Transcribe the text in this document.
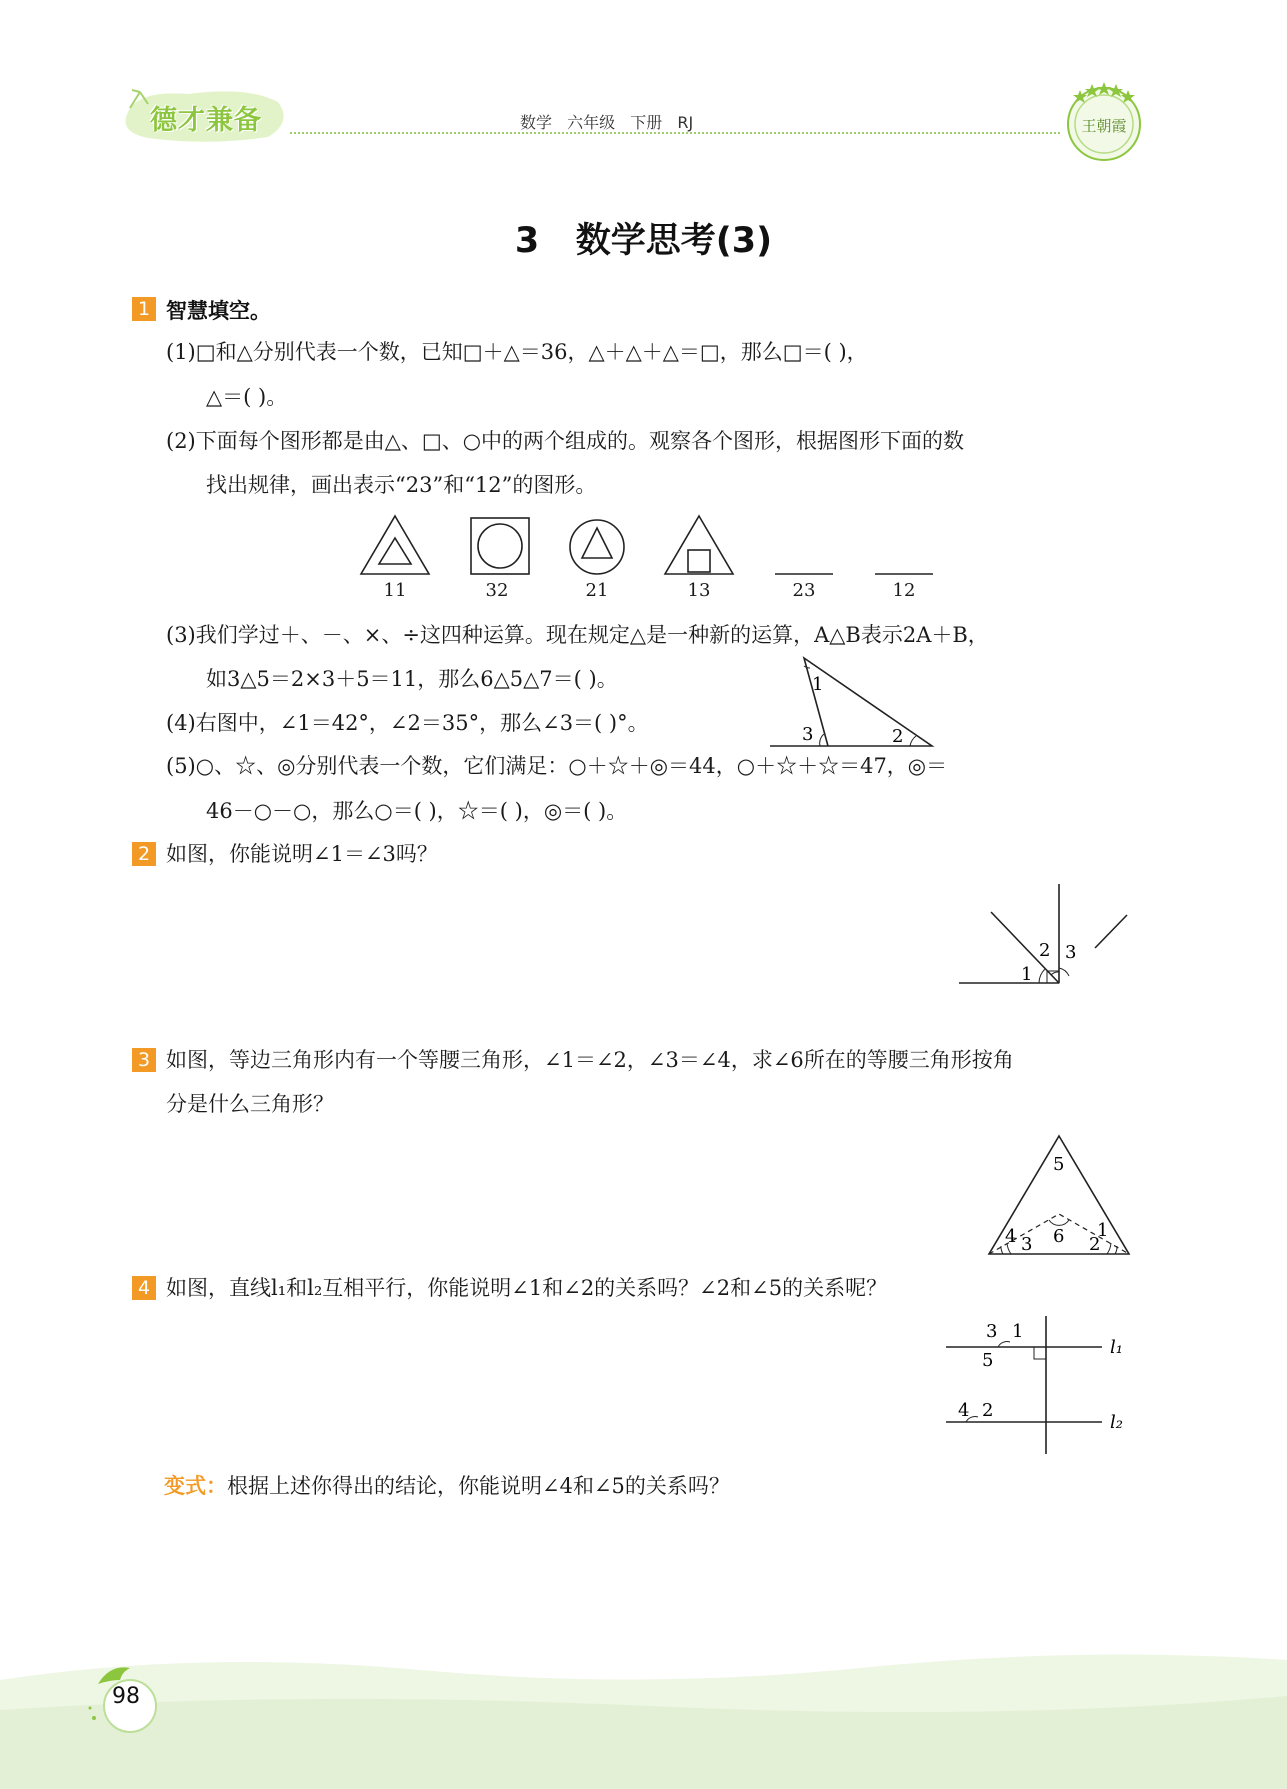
德才兼备	数学 六年级 下册 RJ	王朝霞
3   数学思考(3)
1 智慧填空。
(1)□和△分别代表一个数，已知□＋△＝36，△＋△＋△＝□，那么□＝( )，
△＝( )。
(2)下面每个图形都是由△、□、○中的两个组成的。观察各个图形，根据图形下面的数
找出规律，画出表示“23”和“12”的图形。
11	32	21	13	23	12
(3)我们学过＋、－、×、÷这四种运算。现在规定△是一种新的运算，A△B表示2A＋B，
如3△5＝2×3＋5＝11，那么6△5△7＝( )。
(4)右图中，∠1＝42°，∠2＝35°，那么∠3＝( )°。
1
2
3
(5)○、☆、◎分别代表一个数，它们满足：○＋☆＋◎＝44，○＋☆＋☆＝47，◎＝
46－○－○，那么○＝( )，☆＝( )，◎＝( )。
2 如图，你能说明∠1＝∠3吗？
1
2 3
3 如图，等边三角形内有一个等腰三角形，∠1＝∠2，∠3＝∠4，求∠6所在的等腰三角形按角
分是什么三角形？
5
4 3 6 2
1
4 如图，直线l₁和l₂互相平行，你能说明∠1和∠2的关系吗？∠2和∠5的关系呢？
3 1
5
4 2
l₁
l₂
变式：根据上述你得出的结论，你能说明∠4和∠5的关系吗？
98
